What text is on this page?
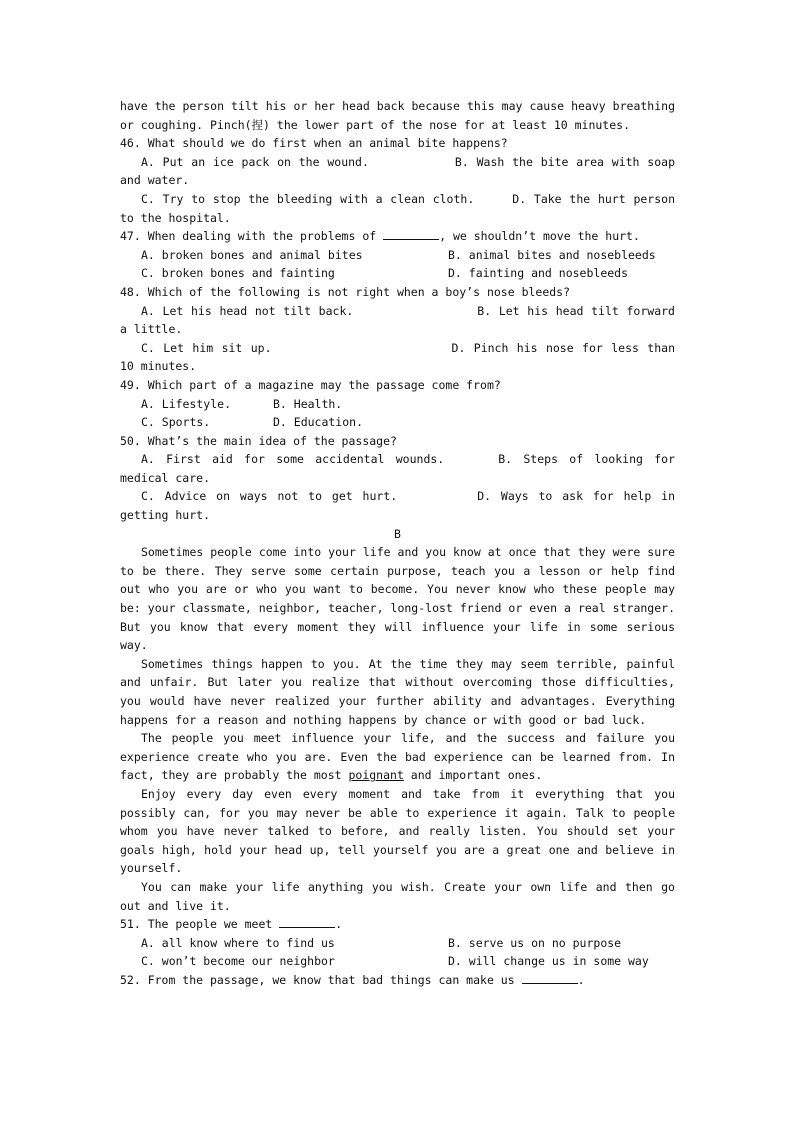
have the person tilt his or her head back because this may cause heavy breathing or coughing. Pinch(捏) the lower part of the nose for at least 10 minutes.

46. What should we do first when an animal bite happens?

A. Put an ice pack on the wound.	B. Wash the bite area with soap and water.

C. Try to stop the bleeding with a clean cloth.	D. Take the hurt person to the hospital.

47. When dealing with the problems of	, we shouldn’t move the hurt.

A. broken bones and animal bites	B. animal bites and nosebleeds
C. broken bones and fainting	D. fainting and nosebleeds

48. Which of the following is not right when a boy’s nose bleeds?

A. Let his head not tilt back.	B. Let his head tilt forward a little.

C. Let him sit up.	D. Pinch his nose for less than 10 minutes.

49. Which part of a magazine may the passage come from?

A. Lifestyle.	B. Health.
C. Sports.	D. Education.

50. What’s the main idea of the passage?

A. First aid for some accidental wounds.	B. Steps of looking for medical care.

C. Advice on ways not to get hurt.	D. Ways to ask for help in getting hurt.

B

Sometimes people come into your life and you know at once that they were sure to be there. They serve some certain purpose, teach you a lesson or help find out who you are or who you want to become. You never know who these people may be: your classmate, neighbor, teacher, long-lost friend or even a real stranger. But you know that every moment they will influence your life in some serious way.

Sometimes things happen to you. At the time they may seem terrible, painful and unfair. But later you realize that without overcoming those difficulties, you would have never realized your further ability and advantages. Everything happens for a reason and nothing happens by chance or with good or bad luck.

The people you meet influence your life, and the success and failure you experience create who you are. Even the bad experience can be learned from. In fact, they are probably the most poignant and important ones.

Enjoy every day even every moment and take from it everything that you possibly can, for you may never be able to experience it again. Talk to people whom you have never talked to before, and really listen. You should set your goals high, hold your head up, tell yourself you are a great one and believe in yourself.

You can make your life anything you wish. Create your own life and then go out and live it.

51. The people we meet	.

A. all know where to find us	B. serve us on no purpose
C. won’t become our neighbor	D. will change us in some way

52. From the passage, we know that bad things can make us	.
